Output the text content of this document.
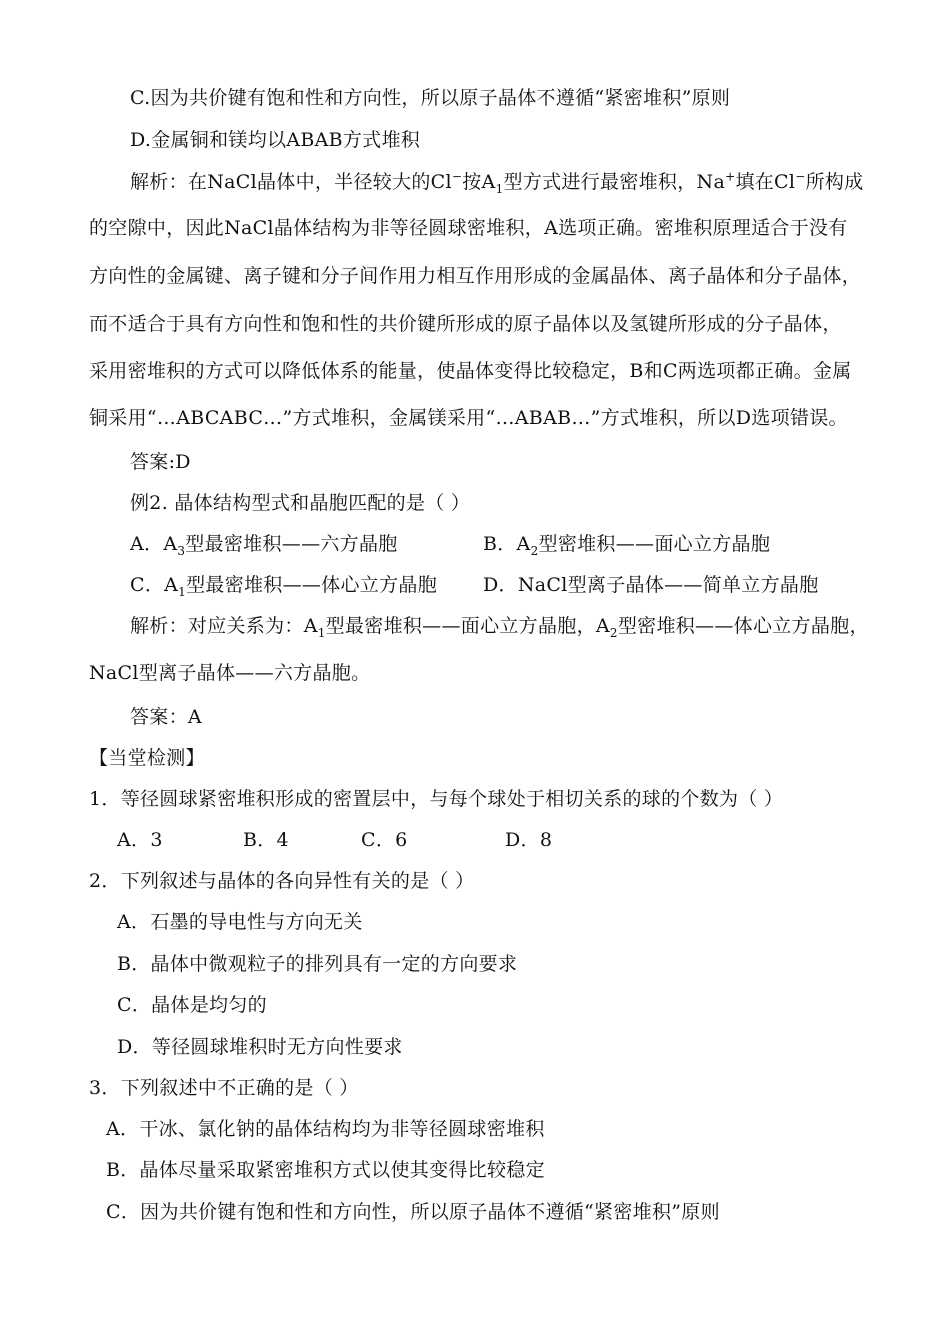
C.因为共价键有饱和性和方向性，所以原子晶体不遵循“紧密堆积”原则
D.金属铜和镁均以ABAB方式堆积
解析：在NaCl晶体中，半径较大的Cl−按$A_1$型方式进行最密堆积，Na+填在Cl−所构成
的空隙中，因此NaCl晶体结构为非等径圆球密堆积，A选项正确。密堆积原理适合于没有
方向性的金属键、离子键和分子间作用力相互作用形成的金属晶体、离子晶体和分子晶体，
而不适合于具有方向性和饱和性的共价键所形成的原子晶体以及氢键所形成的分子晶体，
采用密堆积的方式可以降低体系的能量，使晶体变得比较稳定，B和C两选项都正确。金属
铜采用“…ABCABC…”方式堆积，金属镁采用“…ABAB…”方式堆积，所以D选项错误。
答案:D
例2. 晶体结构型式和晶胞匹配的是（ ）
A．$A_3$型最密堆积——六方晶胞	B．$A_2$型密堆积——面心立方晶胞
C．$A_1$型最密堆积——体心立方晶胞 D．NaCl型离子晶体——简单立方晶胞
解析：对应关系为：$A_1$型最密堆积——面心立方晶胞，$A_2$型密堆积——体心立方晶胞，
NaCl型离子晶体——六方晶胞。
答案：A
【当堂检测】
1．等径圆球紧密堆积形成的密置层中，与每个球处于相切关系的球的个数为（ ）
A．3	B．4	C．6	D．8
2．下列叙述与晶体的各向异性有关的是（ ）
A．石墨的导电性与方向无关
B．晶体中微观粒子的排列具有一定的方向要求
C．晶体是均匀的
D．等径圆球堆积时无方向性要求
3．下列叙述中不正确的是（ ）
A．干冰、氯化钠的晶体结构均为非等径圆球密堆积
B．晶体尽量采取紧密堆积方式以使其变得比较稳定
C．因为共价键有饱和性和方向性，所以原子晶体不遵循“紧密堆积”原则
